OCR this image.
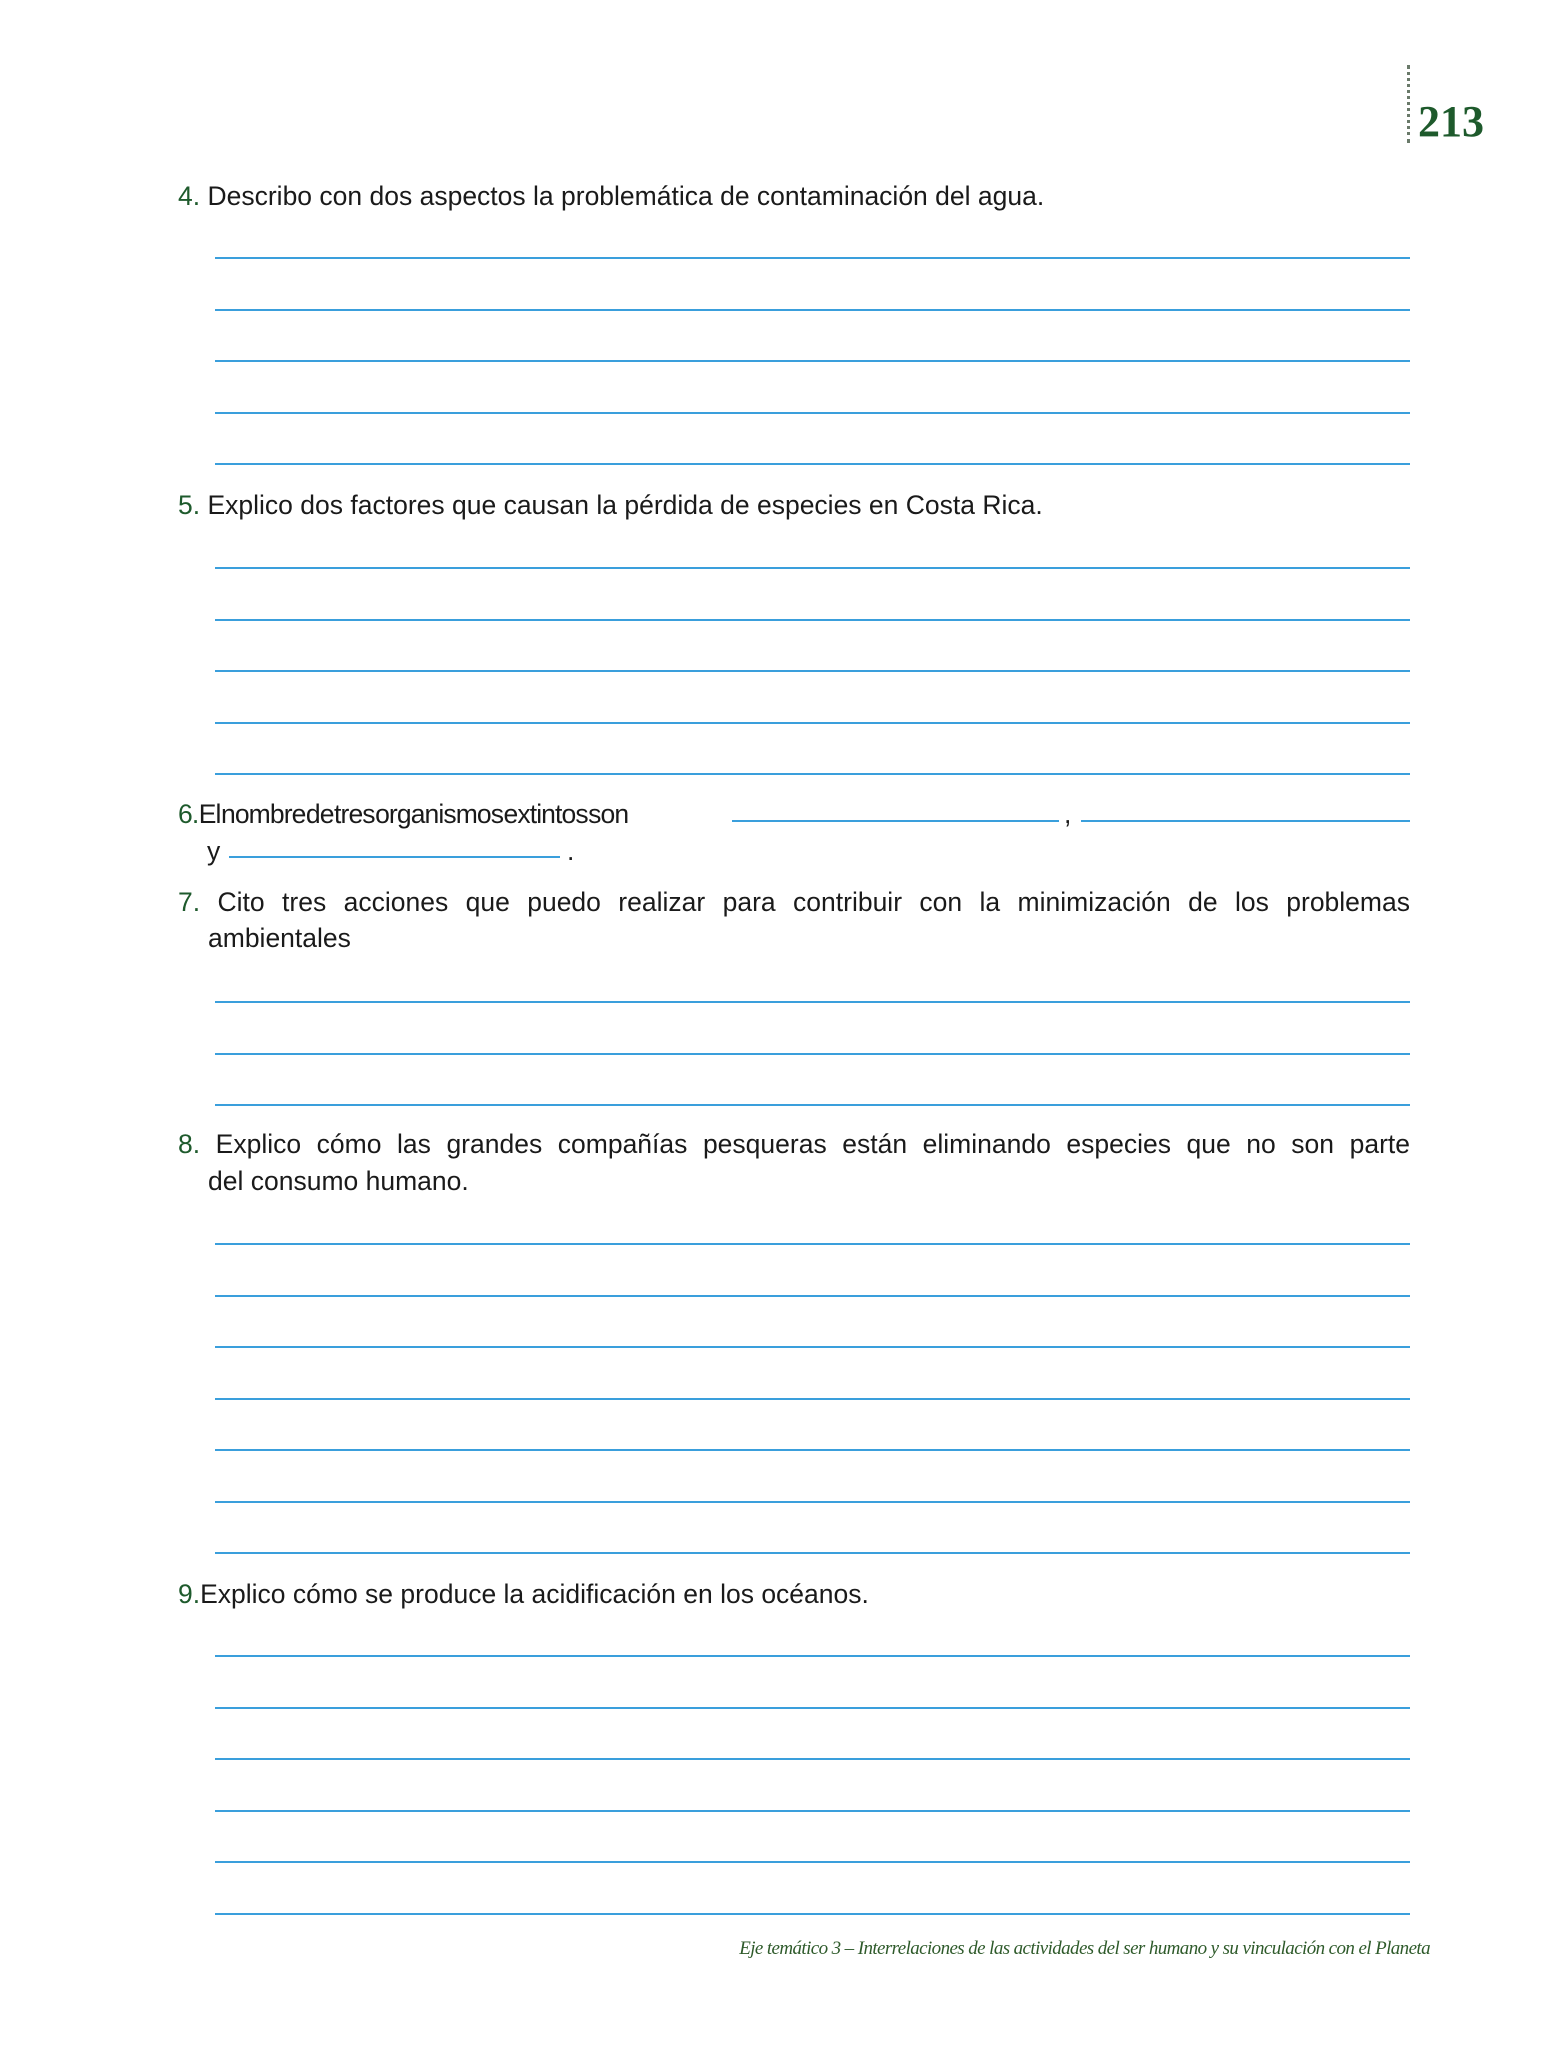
213
4. Describo con dos aspectos la problemática de contaminación del agua.
5. Explico dos factores que causan la pérdida de especies en Costa Rica.
6. El nombre de tres organismos extintos son	,
y	.
7. Cito tres acciones que puedo realizar para contribuir con la minimización de los problemas
ambientales
8. Explico cómo las grandes compañías pesqueras están eliminando especies que no son parte
del consumo humano.
9.Explico cómo se produce la acidificación en los océanos.
Eje temático 3 – Interrelaciones de las actividades del ser humano y su vinculación con el Planeta
